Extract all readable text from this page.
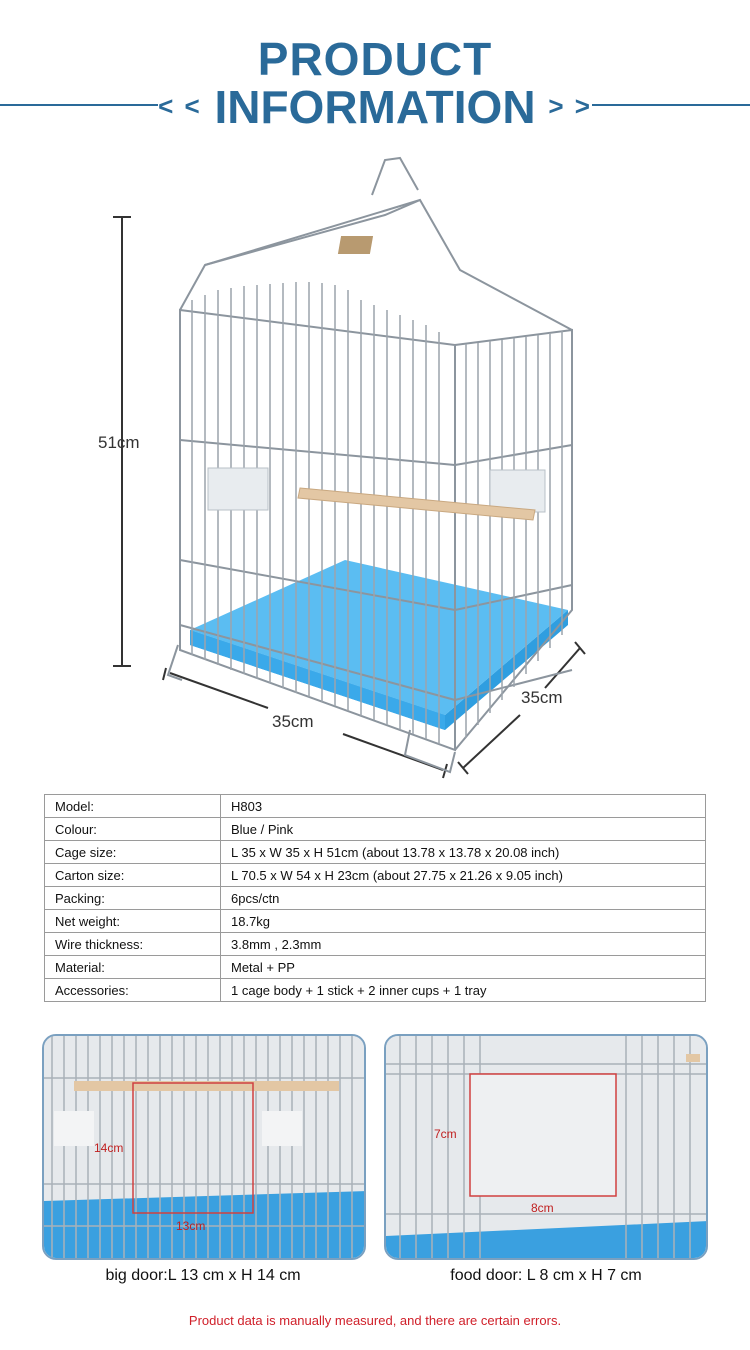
PRODUCT
< < INFORMATION > >
51cm
35cm
35cm
Model:	H803
Colour:	Blue / Pink
Cage size:	L 35 x W 35 x H 51cm (about 13.78 x 13.78 x 20.08 inch)
Carton size:	L 70.5 x W 54 x H 23cm (about 27.75 x 21.26 x 9.05 inch)
Packing:	6pcs/ctn
Net weight:	18.7kg
Wire thickness:	3.8mm , 2.3mm
Material:	Metal + PP
Accessories:	1 cage body + 1 stick + 2 inner cups + 1 tray
14cm
13cm
7cm
8cm
big door:L 13 cm x H 14 cm	food door: L 8 cm x H 7 cm
Product data is manually measured, and there are certain errors.
